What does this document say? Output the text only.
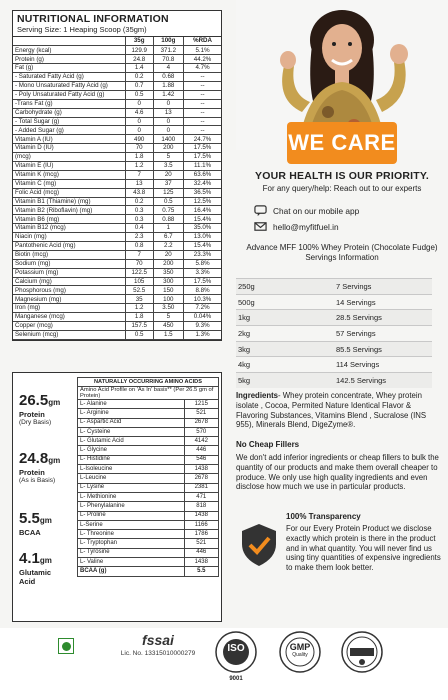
NUTRITIONAL INFORMATION
Serving Size: 1 Heaping Scoop (35gm)
	35g	100g	%RDA
Energy (kcal)	129.9	371.2	5.1%
Protein (g)	24.8	70.8	44.2%
Fat (g)	1.4	4	4.7%
- Saturated Fatty Acid (g)	0.2	0.68	--
- Mono Unsaturated Fatty Acid (g)	0.7	1.88	--
- Poly Unsaturated Fatty Acid (g)	0.5	1.42	--
-Trans Fat (g)	0	0	--
Carbohydrate (g)	4.6	13	--
- Total Sugar (g)	0	0	--
- Added Sugar (g)	0	0	--
Vitamin A (IU)	490	1400	24.7%
Vitamin D (IU)	70	200	17.5%
(mcg)	1.8	5	17.5%
Vitamin E (IU)	1.2	3.5	11.1%
Vitamin K (mcg)	7	20	63.6%
Vitamin C (mg)	13	37	32.4%
Folic Acid (mcg)	43.8	125	36.5%
Vitamin B1 (Thiamine) (mg)	0.2	0.5	12.5%
Vitamin B2 (Riboflavin) (mg)	0.3	0.75	16.4%
Vitamin B6 (mg)	0.3	0.88	15.4%
Vitamin B12 (mcg)	0.4	1	35.0%
Niacin (mg)	2.3	6.7	13.0%
Pantothenic Acid (mg)	0.8	2.2	15.4%
Biotin (mcg)	7	20	23.3%
Sodium (mg)	70	200	5.8%
Potassium (mg)	122.5	350	3.3%
Calcium (mg)	105	300	17.5%
Phosphorous (mg)	52.5	150	8.8%
Magnesium (mg)	35	100	10.3%
Iron (mg)	1.2	3.50	7.2%
Manganese (mcg)	1.8	5	0.04%
Copper (mcg)	157.5	450	9.3%
Selenium (mcg)	0.5	1.5	1.3%
26.5gm
Protein
(Dry Basis)
24.8gm
Protein
(As is Basis)
5.5gm
BCAA
4.1gm
Glutamic
Acid
NATURALLY OCCURRING AMINO ACIDS
Amino Acid Profile on 'As In' basis** (Per 26.5 gm of Protein)
L- Alanine	1215
L- Arginine	521
L- Aspartic Acid	2678
L- Cysteine	570
L- Glutamic Acid	4142
L- Glycine	446
L- Histidine	546
L-Isoleucine	1438
L-Leucine	2678
L- Lysine	2381
L- Methionine	471
L- Phenylalanine	818
L- Proline	1438
L-Serine	1166
L- Threonine	1786
L- Tryptophan	521
L- Tyrosine	446
L- Valine	1438
BCAA (g)	5.5
WE CARE
YOUR HEALTH IS OUR PRIORITY.
For any query/help: Reach out to our experts
Chat on our mobile app
hello@myfitfuel.in
Advance MFF 100% Whey Protein (Chocolate Fudge) Servings Information
250g	7 Servings
500g	14 Servings
1kg	28.5 Servings
2kg	57 Servings
3kg	85.5 Servings
4kg	114 Servings
5kg	142.5 Servings
Ingredients- Whey protein concentrate, Whey protein isolate , Cocoa, Permited Nature Identical Flavor & Flavoring Substances, Vitamins Blend , Sucralose (INS 955), Minerals Blend, DigeZyme®.
No Cheap Fillers
We don't add inferior ingredients or cheap fillers to bulk the quantity of our products and make them overall cheaper to produce. We only use high quality ingredients and even disclose how much we use in particular products.
100% Transparency
For our Every Protein Product we disclose exactly which protein is there in the product and in what quantity. You will never find us using tiny quantities of expensive ingredients to make them look better.
fssai
Lic. No. 13315010000279	ISO
9001
GMP
Quality
